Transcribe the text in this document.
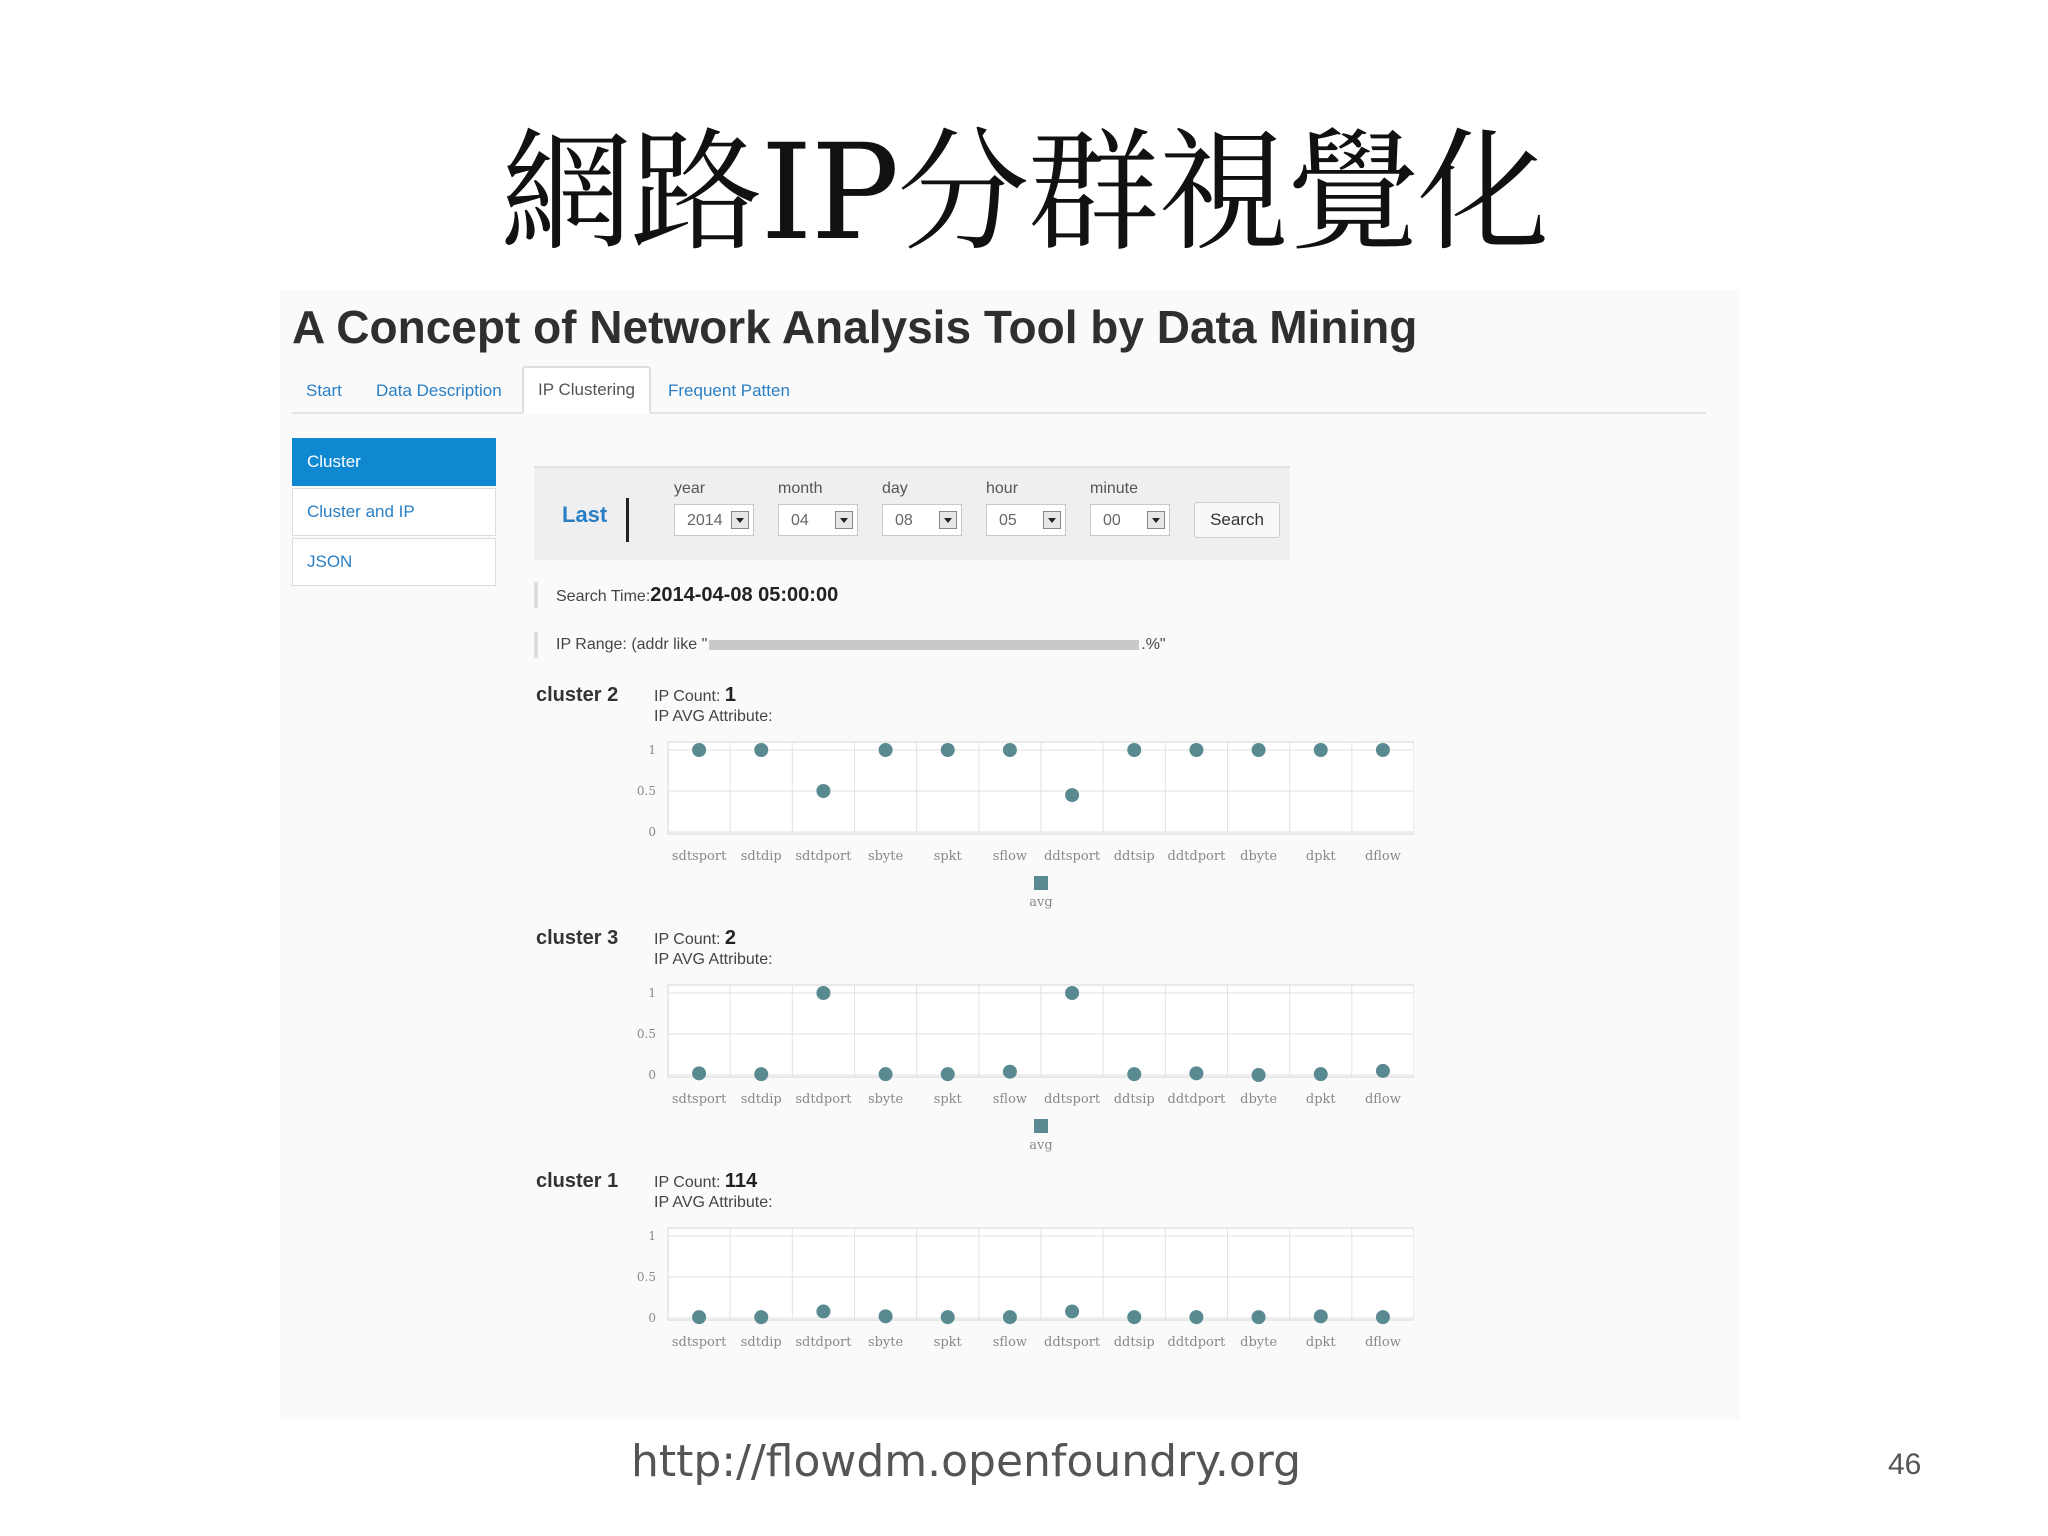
網路IP分群視覺化
A Concept of Network Analysis Tool by Data Mining
Start	Data Description	IP Clustering	Frequent Patten
Cluster
Cluster and IP
JSON
Last
year
2014
month
04
day
08
hour
05
minute
00	Search
Search Time:2014-04-08 05:00:00
IP Range: (addr like "	.%"
cluster 2 IP Count: 1
IP AVG Attribute:
1
0.5
0
sdtsport sdtdip sdtdport sbyte spkt sflow ddtsport ddtsip ddtdport dbyte dpkt dflow
avg
cluster 3 IP Count: 2
IP AVG Attribute:
1
0.5
0
sdtsport sdtdip sdtdport sbyte spkt sflow ddtsport ddtsip ddtdport dbyte dpkt dflow
avg
cluster 1 IP Count: 114
IP AVG Attribute:
1
0.5
0
sdtsport sdtdip sdtdport sbyte spkt sflow ddtsport ddtsip ddtdport dbyte dpkt dflow
http://flowdm.openfoundry.org	46
